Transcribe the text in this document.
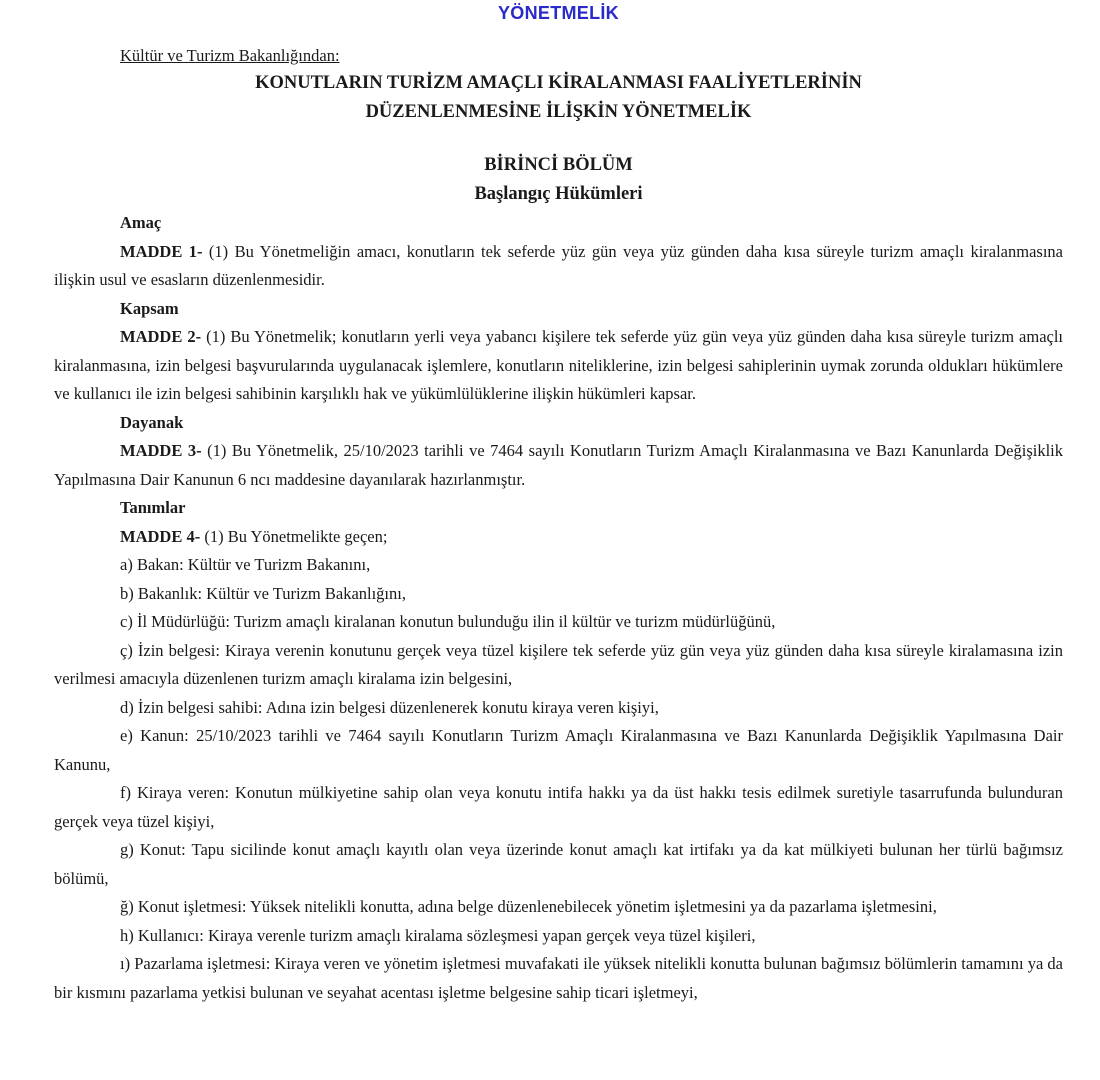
YÖNETMELİK
Kültür ve Turizm Bakanlığından:
KONUTLARIN TURİZM AMAÇLI KİRALANMASI FAALİYETLERİNİN
DÜZENLENMESİNE İLİŞKİN YÖNETMELİK
BİRİNCİ BÖLÜM
Başlangıç Hükümleri
Amaç

MADDE 1- (1) Bu Yönetmeliğin amacı, konutların tek seferde yüz gün veya yüz günden daha kısa süreyle turizm amaçlı kiralanmasına ilişkin usul ve esasların düzenlenmesidir.

Kapsam

MADDE 2- (1) Bu Yönetmelik; konutların yerli veya yabancı kişilere tek seferde yüz gün veya yüz günden daha kısa süreyle turizm amaçlı kiralanmasına, izin belgesi başvurularında uygulanacak işlemlere, konutların niteliklerine, izin belgesi sahiplerinin uymak zorunda oldukları hükümlere ve kullanıcı ile izin belgesi sahibinin karşılıklı hak ve yükümlülüklerine ilişkin hükümleri kapsar.

Dayanak

MADDE 3- (1) Bu Yönetmelik, 25/10/2023 tarihli ve 7464 sayılı Konutların Turizm Amaçlı Kiralanmasına ve Bazı Kanunlarda Değişiklik Yapılmasına Dair Kanunun 6 ncı maddesine dayanılarak hazırlanmıştır.

Tanımlar

MADDE 4- (1) Bu Yönetmelikte geçen;

a) Bakan: Kültür ve Turizm Bakanını,

b) Bakanlık: Kültür ve Turizm Bakanlığını,

c) İl Müdürlüğü: Turizm amaçlı kiralanan konutun bulunduğu ilin il kültür ve turizm müdürlüğünü,

ç) İzin belgesi: Kiraya verenin konutunu gerçek veya tüzel kişilere tek seferde yüz gün veya yüz günden daha kısa süreyle kiralamasına izin verilmesi amacıyla düzenlenen turizm amaçlı kiralama izin belgesini,

d) İzin belgesi sahibi: Adına izin belgesi düzenlenerek konutu kiraya veren kişiyi,

e) Kanun: 25/10/2023 tarihli ve 7464 sayılı Konutların Turizm Amaçlı Kiralanmasına ve Bazı Kanunlarda Değişiklik Yapılmasına Dair Kanunu,

f) Kiraya veren: Konutun mülkiyetine sahip olan veya konutu intifa hakkı ya da üst hakkı tesis edilmek suretiyle tasarrufunda bulunduran gerçek veya tüzel kişiyi,

g) Konut: Tapu sicilinde konut amaçlı kayıtlı olan veya üzerinde konut amaçlı kat irtifakı ya da kat mülkiyeti bulunan her türlü bağımsız bölümü,

ğ) Konut işletmesi: Yüksek nitelikli konutta, adına belge düzenlenebilecek yönetim işletmesini ya da pazarlama işletmesini,

h) Kullanıcı: Kiraya verenle turizm amaçlı kiralama sözleşmesi yapan gerçek veya tüzel kişileri,

ı) Pazarlama işletmesi: Kiraya veren ve yönetim işletmesi muvafakati ile yüksek nitelikli konutta bulunan bağımsız bölümlerin tamamını ya da bir kısmını pazarlama yetkisi bulunan ve seyahat acentası işletme belgesine sahip ticari işletmeyi,
